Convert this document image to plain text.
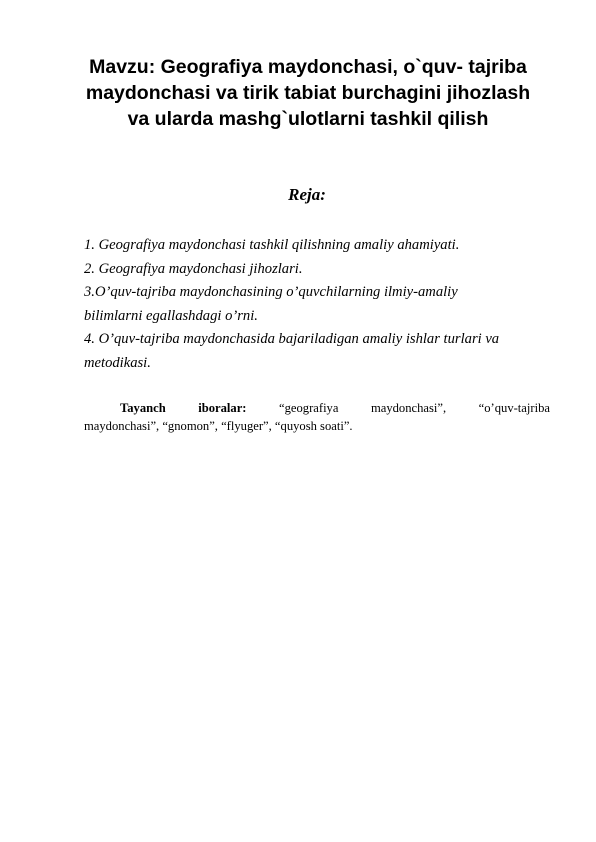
Mavzu: Geografiya maydonchasi, o`quv- tajriba
maydonchasi va tirik tabiat burchagini jihozlash
va ularda mashg`ulotlarni tashkil qilish
Reja:
1. Geografiya maydonchasi tashkil qilishning amaliy ahamiyati.
2. Geografiya maydonchasi jihozlari.
3.O’quv-tajriba maydonchasining o’quvchilarning ilmiy-amaliy
bilimlarni egallashdagi o’rni.
4. O’quv-tajriba maydonchasida bajariladigan amaliy ishlar turlari va
metodikasi.
Tayanch	iboralar:	“geografiya	maydonchasi”,	“o’quv-tajriba
maydonchasi”, “gnomon”, “flyuger”, “quyosh soati”.
